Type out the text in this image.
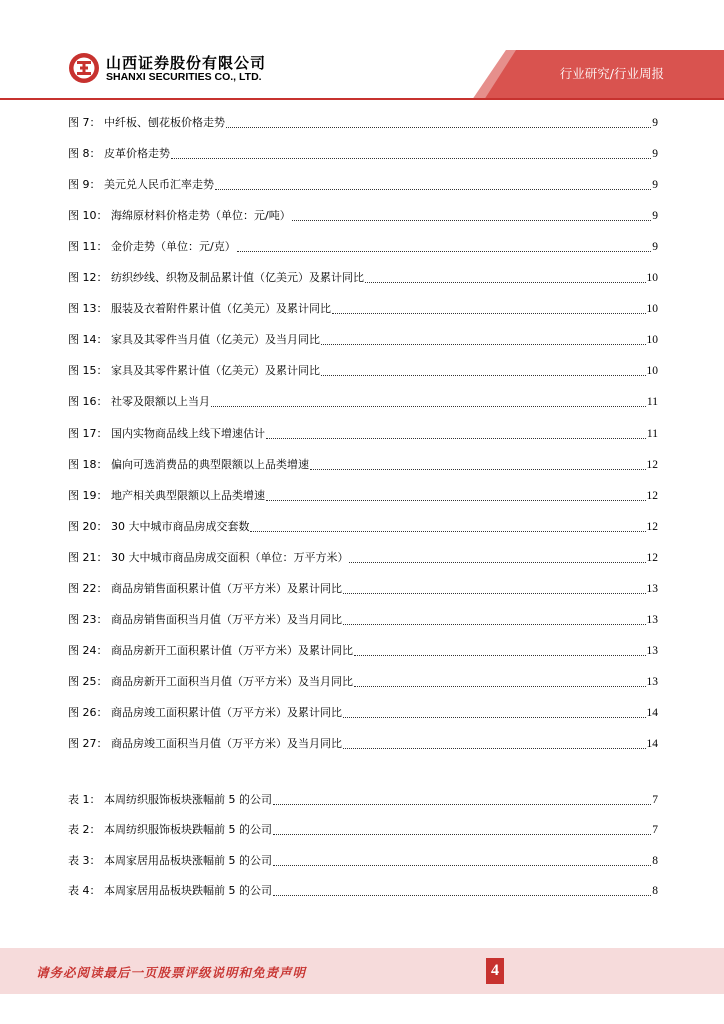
山西证券股份有限公司
SHANXI SECURITIES CO., LTD.	行业研究/行业周报
图 7： 中纤板、刨花板价格走势	9
图 8： 皮革价格走势	9
图 9： 美元兑人民币汇率走势	9
图 10： 海绵原材料价格走势（单位：元/吨）	9
图 11： 金价走势（单位：元/克）	9
图 12： 纺织纱线、织物及制品累计值（亿美元）及累计同比	10
图 13： 服装及衣着附件累计值（亿美元）及累计同比	10
图 14： 家具及其零件当月值（亿美元）及当月同比	10
图 15： 家具及其零件累计值（亿美元）及累计同比	10
图 16： 社零及限额以上当月	11
图 17： 国内实物商品线上线下增速估计	11
图 18： 偏向可选消费品的典型限额以上品类增速	12
图 19： 地产相关典型限额以上品类增速	12
图 20： 30 大中城市商品房成交套数	12
图 21： 30 大中城市商品房成交面积（单位：万平方米）	12
图 22： 商品房销售面积累计值（万平方米）及累计同比	13
图 23： 商品房销售面积当月值（万平方米）及当月同比	13
图 24： 商品房新开工面积累计值（万平方米）及累计同比	13
图 25： 商品房新开工面积当月值（万平方米）及当月同比	13
图 26： 商品房竣工面积累计值（万平方米）及累计同比	14
图 27： 商品房竣工面积当月值（万平方米）及当月同比	14
表 1： 本周纺织服饰板块涨幅前 5 的公司	7
表 2： 本周纺织服饰板块跌幅前 5 的公司	7
表 3： 本周家居用品板块涨幅前 5 的公司	8
表 4： 本周家居用品板块跌幅前 5 的公司	8
请务必阅读最后一页股票评级说明和免责声明	4
